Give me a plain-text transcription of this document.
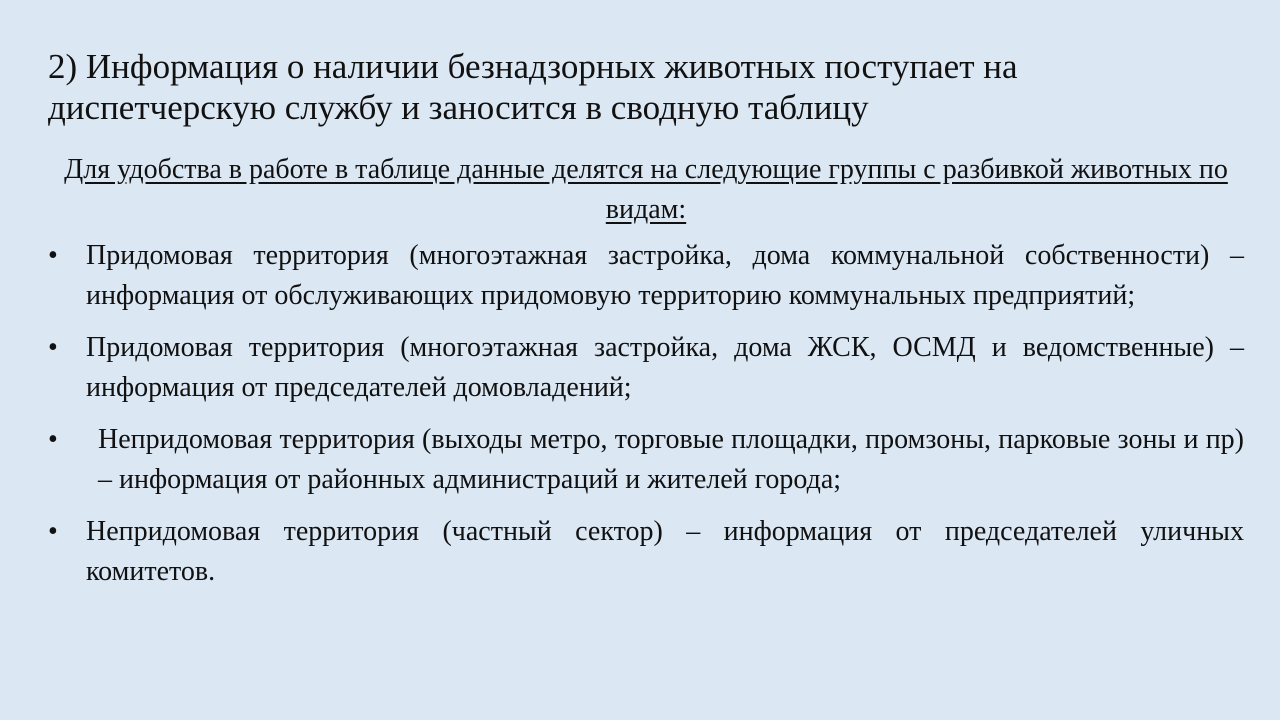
2) Информация о наличии безнадзорных животных поступает на диспетчерскую службу и заносится в сводную таблицу

Для удобства в работе в таблице данные делятся на следующие группы с разбивкой животных по видам:

•	Придомовая территория (многоэтажная застройка, дома коммунальной собственности) – информация от обслуживающих придомовую территорию коммунальных предприятий;
•	Придомовая территория (многоэтажная застройка, дома ЖСК, ОСМД и ведомственные) – информация от председателей домовладений;
•	Непридомовая территория (выходы метро, торговые площадки, промзоны, парковые зоны и пр) – информация от районных администраций и жителей города;
•	Непридомовая территория (частный сектор) – информация от председателей уличных комитетов.
